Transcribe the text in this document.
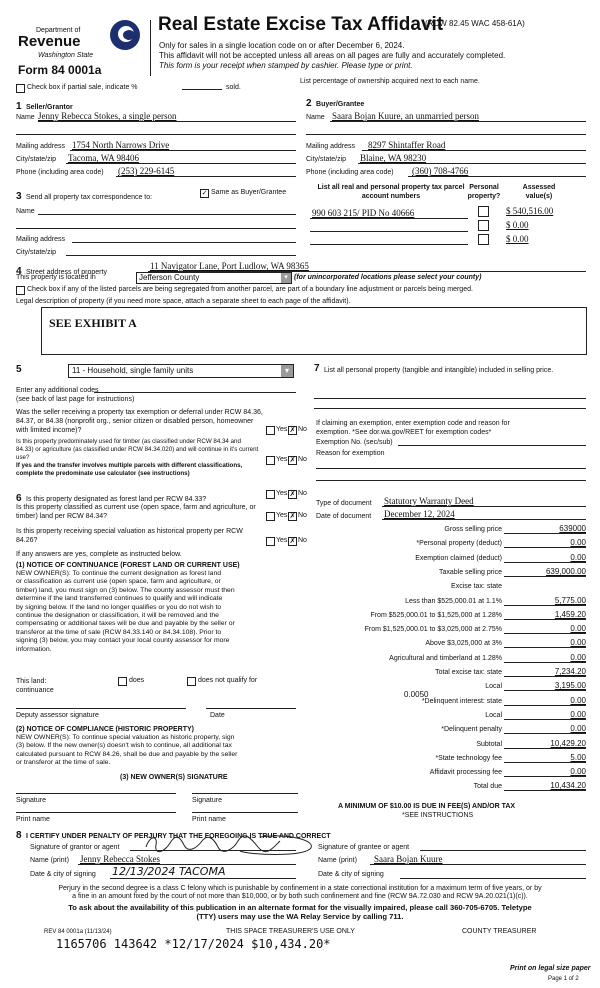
Department of
Revenue
Washington State
Form 84 0001a
Real Estate Excise Tax Affidavit
(RCW 82.45 WAC 458-61A)
Only for sales in a single location code on or after December 6, 2024.
This affidavit will not be accepted unless all areas on all pages are fully and accurately completed.
This form is your receipt when stamped by cashier. Please type or print.
Check box if partial sale, indicate %	sold.
List percentage of ownership acquired next to each name.
1 Seller/Grantor
Name Jenny Rebecca Stokes, a single person
Mailing address 1754 North Narrows Drive
City/state/zip Tacoma, WA 98406
Phone (including area code) (253) 229-6145
2 Buyer/Grantee
Name Saara Bojan Kuure, an unmarried person
Mailing address 8297 Shintaffer Road
City/state/zip Blaine, WA 98230
Phone (including area code) (360) 708-4766
3 Send all property tax correspondence to:
✓ Same as Buyer/Grantee
Name
Mailing address
City/state/zip
List all real and personal property tax parcel account numbers
Personal property?
Assessed value(s)
990 603 215/ PID No 40666	$ 540,516.00
$ 0.00
$ 0.00
4 Street address of property
11 Navigator Lane, Port Ludlow, WA 98365
This property is located in	Jefferson County	▾ (for unincorporated locations please select your county)
Check box if any of the listed parcels are being segregated from another parcel, are part of a boundary line adjustment or parcels being merged.
Legal description of property (if you need more space, attach a separate sheet to each page of the affidavit).
SEE EXHIBIT A
5	11 - Household, single family units	▾
Enter any additional codes
(see back of last page for instructions)
Was the seller receiving a property tax exemption or deferral under RCW 84.36, 84.37, or 84.38 (nonprofit org., senior citizen or disabled person, homeowner with limited income)?	Yes ✗ No
Is this property predominately used for timber (as classified under RCW 84.34 and 84.33) or agriculture (as classified under RCW 84.34.020) and will continue in it's current use?
If yes and the transfer involves multiple parcels with different classifications, complete the predominate use calculator (see instructions)
Yes ✗ No
6 Is this property designated as forest land per RCW 84.33?
Yes ✗ No
Is this property classified as current use (open space, farm and agriculture, or timber) land per RCW 84.34?	Yes ✗ No
Is this property receiving special valuation as historical property per RCW 84.26?	Yes ✗ No
If any answers are yes, complete as instructed below.
(1) NOTICE OF CONTINUANCE (FOREST LAND OR CURRENT USE)
NEW OWNER(S): To continue the current designation as forest land
or classification as current use (open space, farm and agriculture, or
timber) land, you must sign on (3) below. The county assessor must then
determine if the land transferred continues to qualify and will indicate
by signing below. If the land no longer qualifies or you do not wish to
continue the designation or classification, it will be removed and the
compensating or additional taxes will be due and payable by the seller or
transferor at the time of sale (RCW 84.33.140 or 84.34.108). Prior to
signing (3) below, you may contact your local county assessor for more
information.
This land:	does	does not qualify for
continuance
Deputy assessor signature	Date
(2) NOTICE OF COMPLIANCE (HISTORIC PROPERTY)
NEW OWNER(S): To continue special valuation as historic property, sign
(3) below. If the new owner(s) doesn't wish to continue, all additional tax
calculated pursuant to RCW 84.26, shall be due and payable by the seller
or transferor at the time of sale.
(3) NEW OWNER(S) SIGNATURE
Signature	Signature
Print name	Print name
7 List all personal property (tangible and intangible) included in selling price.
If claiming an exemption, enter exemption code and reason for
exemption. *See dor.wa.gov/REET for exemption codes*
Exemption No. (sec/sub)
Reason for exemption
Type of document Statutory Warranty Deed
Date of document December 12, 2024
Gross selling price	639000
*Personal property (deduct)	0.00
Exemption claimed (deduct)	0.00
Taxable selling price	639,000.00
Excise tax: state
Less than $525,000.01 at 1.1%	5,775.00
From $525,000.01 to $1,525,000 at 1.28%	1,459.20
From $1,525,000.01 to $3,025,000 at 2.75%	0.00
Above $3,025,000 at 3%	0.00
Agricultural and timberland at 1.28%	0.00
Total excise tax: state	7,234.20
Local	3,195.00
*Delinquent interest: state	0.00
Local	0.00
*Delinquent penalty	0.00
Subtotal	10,429.20
*State technology fee	5.00
Affidavit processing fee	0.00
Total due	10,434.20
0.0050
A MINIMUM OF $10.00 IS DUE IN FEE(S) AND/OR TAX
*SEE INSTRUCTIONS
8 I CERTIFY UNDER PENALTY OF PERJURY THAT THE FOREGOING IS TRUE AND CORRECT
Signature of grantor or agent
Name (print) Jenny Rebecca Stokes
Date & city of signing 12/13/2024 TACOMA
Signature of grantee or agent
Name (print) Saara Bojan Kuure
Date & city of signing
Perjury in the second degree is a class C felony which is punishable by confinement in a state correctional institution for a maximum term of five years, or by
a fine in an amount fixed by the court of not more than $10,000, or by both such confinement and fine (RCW 9A.72.030 and RCW 9A.20.021(1)(c)).
To ask about the availability of this publication in an alternate format for the visually impaired, please call 360-705-6705. Teletype
(TTY) users may use the WA Relay Service by calling 711.
REV 84 0001a (11/13/24)	THIS SPACE TREASURER'S USE ONLY	COUNTY TREASURER
1165706 143642 *12/17/2024 $10,434.20*
Print on legal size paper
Page 1 of 2
